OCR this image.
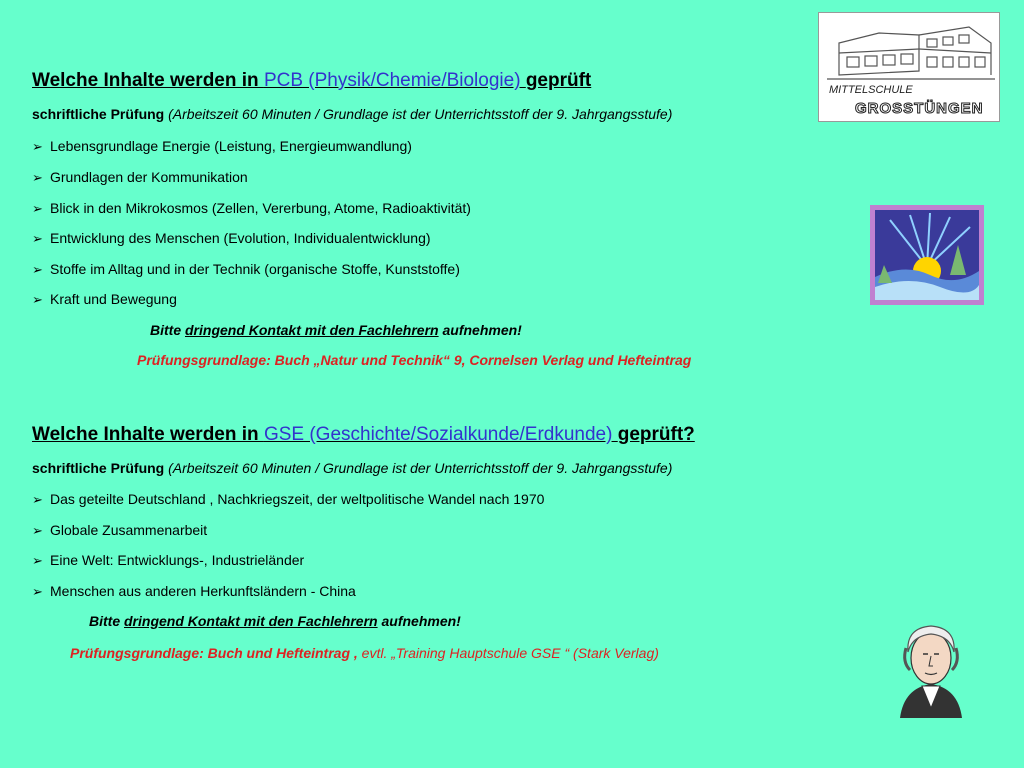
Welche Inhalte werden in PCB (Physik/Chemie/Biologie) geprüft
schriftliche Prüfung (Arbeitszeit 60 Minuten / Grundlage ist der Unterrichtsstoff der 9. Jahrgangsstufe)
➢ Lebensgrundlage Energie (Leistung, Energieumwandlung)
➢ Grundlagen der Kommunikation
➢ Blick in den Mikrokosmos (Zellen, Vererbung, Atome, Radioaktivität)
➢ Entwicklung des Menschen (Evolution, Individualentwicklung)
➢ Stoffe im Alltag und in der Technik (organische Stoffe, Kunststoffe)
➢ Kraft und Bewegung
Bitte dringend Kontakt mit den Fachlehrern aufnehmen!
Prüfungsgrundlage: Buch „Natur und Technik“ 9, Cornelsen Verlag und Hefteintrag
Welche Inhalte werden in GSE (Geschichte/Sozialkunde/Erdkunde) geprüft?
schriftliche Prüfung (Arbeitszeit 60 Minuten / Grundlage ist der Unterrichtsstoff der 9. Jahrgangsstufe)
➢ Das geteilte Deutschland , Nachkriegszeit, der weltpolitische Wandel nach 1970
➢ Globale Zusammenarbeit
➢ Eine Welt: Entwicklungs-, Industrieländer
➢ Menschen aus anderen Herkunftsländern - China
Bitte dringend Kontakt mit den Fachlehrern aufnehmen!
Prüfungsgrundlage: Buch und Hefteintrag , evtl. „Training Hauptschule GSE “ (Stark Verlag)
MITTELSCHULE
GROSSTÜNGEN
